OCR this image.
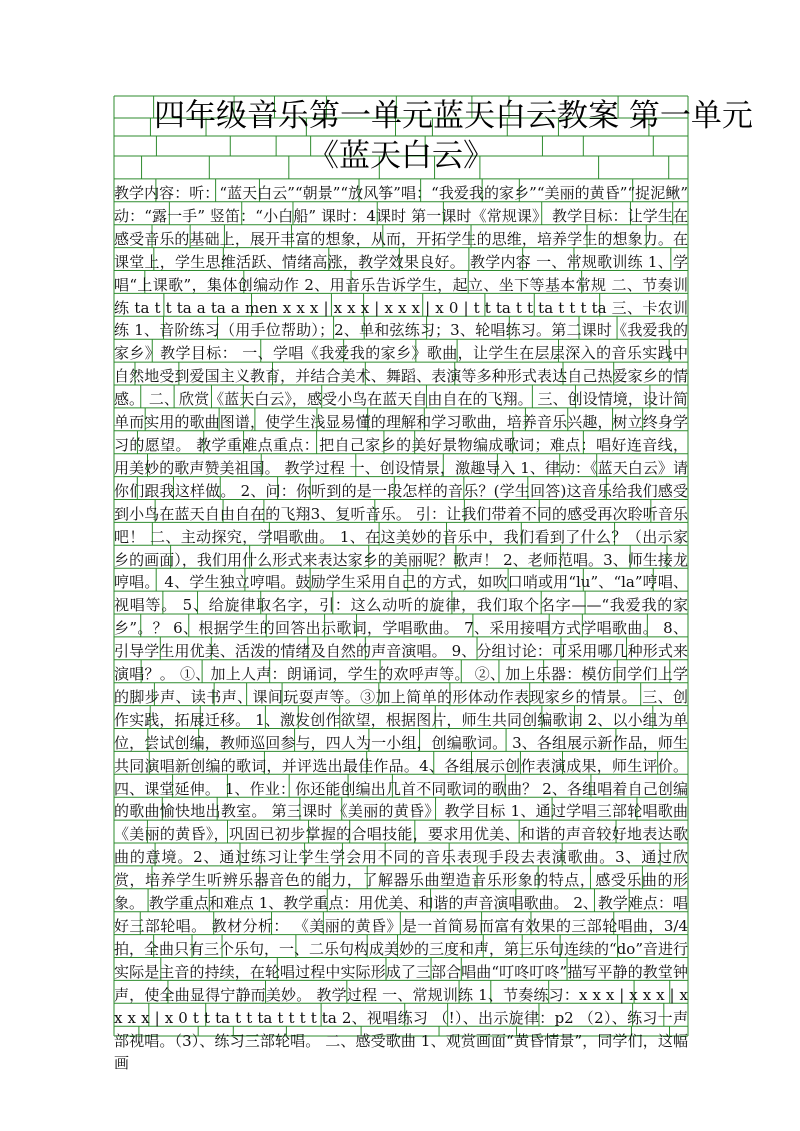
四年级音乐第一单元蓝天白云教案 第一单元
《蓝天白云》

教学内容：听：“蓝天白云”“朝景”“放风筝”唱：“我爱我的家乡”“美丽的黄昏”“捉泥鳅” 动：“露一手” 竖笛：“小白船” 课时：4课时 第一课时《常规课》 教学目标：让学生在感受音乐的基础上，展开丰富的想象，从而，开拓学生的思维，培养学生的想象力。在课堂上，学生思维活跃、情绪高涨，教学效果良好。 教学内容 一、常规歌训练 1、学唱“上课歌”，集体创编动作 2、用音乐告诉学生，起立、坐下等基本常规 二、节奏训练 ta t t ta a ta a men x x x | x x x | x x x | x 0 | t t ta t t ta t t t ta 三、卡农训练 1、音阶练习（用手位帮助）；2、单和弦练习；3、轮唱练习。第二课时《我爱我的家乡》教学目标： 一、学唱《我爱我的家乡》歌曲，让学生在层层深入的音乐实践中自然地受到爱国主义教育，并结合美术、舞蹈、表演等多种形式表达自己热爱家乡的情感。 二、欣赏《蓝天白云》，感受小鸟在蓝天自由自在的飞翔。 三、创设情境，设计简单而实用的歌曲图谱，使学生浅显易懂的理解和学习歌曲，培养音乐兴趣，树立终身学习的愿望。 教学重难点重点：把自己家乡的美好景物编成歌词；难点：唱好连音线，用美妙的歌声赞美祖国。 教学过程 一、创设情景，激趣导入 1、律动：《蓝天白云》请你们跟我这样做。 2、问：你听到的是一段怎样的音乐？(学生回答)这音乐给我们感受到小鸟在蓝天自由自在的飞翔3、复听音乐。 引：让我们带着不同的感受再次聆听音乐吧！ 二、主动探究，学唱歌曲。 1、在这美妙的音乐中，我们看到了什么？（出示家乡的画面），我们用什么形式来表达家乡的美丽呢？歌声！ 2、老师范唱。3、师生接龙哼唱。 4、学生独立哼唱。鼓励学生采用自己的方式，如吹口哨或用“lu”、“la”哼唱、视唱等。 5、给旋律取名字，引：这么动听的旋律，我们取个名字——“我爱我的家乡”。？ 6、根据学生的回答出示歌词，学唱歌曲。 7、采用接唱方式学唱歌曲。 8、引导学生用优美、活泼的情绪及自然的声音演唱。 9、分组讨论：可采用哪几种形式来演唱？。 ①、加上人声：朗诵词，学生的欢呼声等。 ②、加上乐器：模仿同学们上学的脚步声、读书声、课间玩耍声等。③加上简单的形体动作表现家乡的情景。 三、创作实践，拓展迁移。 1、激发创作欲望，根据图片，师生共同创编歌词 2、以小组为单位，尝试创编，教师巡回参与，四人为一小组，创编歌词。 3、各组展示新作品，师生共同演唱新创编的歌词，并评选出最佳作品。4、各组展示创作表演成果，师生评价。 四、课堂延伸。 1、作业：你还能创编出几首不同歌词的歌曲？ 2、各组唱着自己创编的歌曲愉快地出教室。 第三课时《美丽的黄昏》 教学目标 1、通过学唱三部轮唱歌曲《美丽的黄昏》，巩固已初步掌握的合唱技能，要求用优美、和谐的声音较好地表达歌曲的意境。2、通过练习让学生学会用不同的音乐表现手段去表演歌曲。3、通过欣赏，培养学生听辨乐器音色的能力，了解器乐曲塑造音乐形象的特点，感受乐曲的形象。 教学重点和难点 1、教学重点：用优美、和谐的声音演唱歌曲。 2、教学难点：唱好三部轮唱。 教材分析： 《美丽的黄昏》是一首简易而富有效果的三部轮唱曲，3/4拍，全曲只有三个乐句，一、二乐句构成美妙的三度和声，第三乐句连续的“do”音进行实际是主音的持续，在轮唱过程中实际形成了三部合唱曲“叮咚叮咚”描写平静的教堂钟声，使全曲显得宁静而美妙。 教学过程 一、常规训练 1、节奏练习：x x x | x x x | x x x x | x 0 t t ta t t ta t t t t ta 2、视唱练习 （!）、出示旋律：p2 （2）、练习一声部视唱。（3）、练习三部轮唱。 二、感受歌曲 1、观赏画面“黄昏情景”，同学们，这幅画
